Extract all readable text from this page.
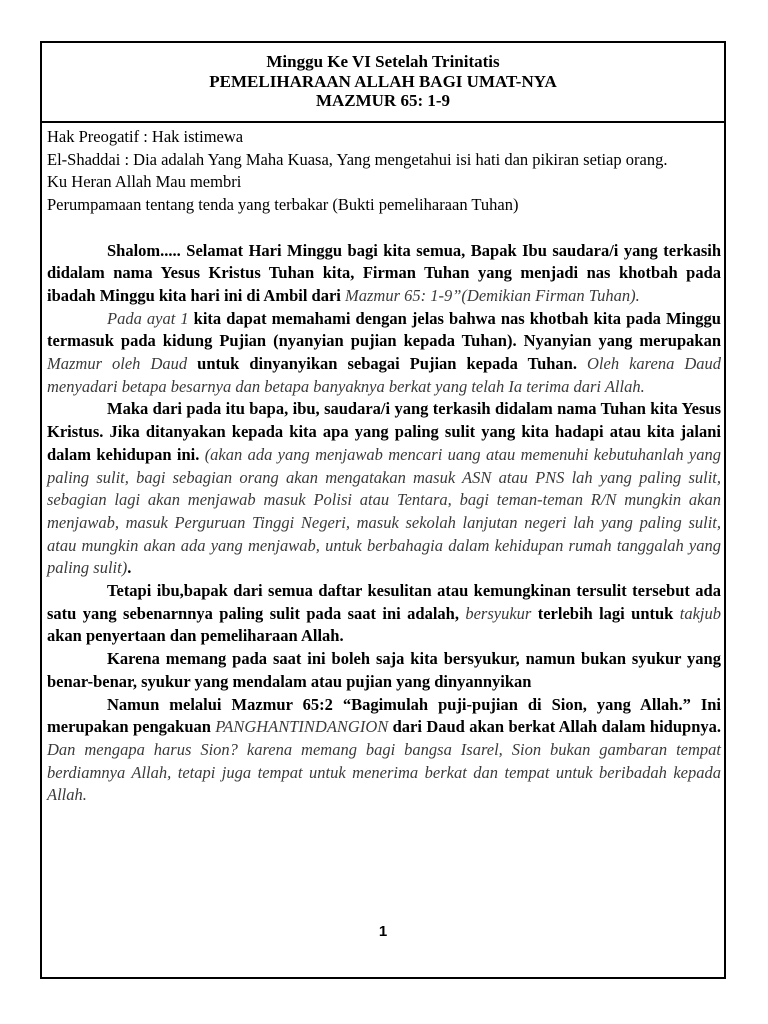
Minggu Ke VI Setelah Trinitatis
PEMELIHARAAN ALLAH BAGI UMAT-NYA
MAZMUR 65: 1-9

Hak Preogatif : Hak istimewa

El-Shaddai : Dia adalah Yang Maha Kuasa, Yang mengetahui isi hati dan pikiran setiap orang.

Ku Heran Allah Mau membri

Perumpamaan tentang tenda yang terbakar (Bukti pemeliharaan Tuhan)

Shalom..... Selamat Hari Minggu bagi kita semua, Bapak Ibu saudara/i yang terkasih didalam nama Yesus Kristus Tuhan kita, Firman Tuhan yang menjadi nas khotbah pada ibadah Minggu kita hari ini di Ambil dari Mazmur 65: 1-9”(Demikian Firman Tuhan).

Pada ayat 1 kita dapat memahami dengan jelas bahwa nas khotbah kita pada Minggu termasuk pada kidung Pujian (nyanyian pujian kepada Tuhan). Nyanyian yang merupakan Mazmur oleh Daud untuk dinyanyikan sebagai Pujian kepada Tuhan. Oleh karena Daud menyadari betapa besarnya dan betapa banyaknya berkat yang telah Ia terima dari Allah.

Maka dari pada itu bapa, ibu, saudara/i yang terkasih didalam nama Tuhan kita Yesus Kristus. Jika ditanyakan kepada kita apa yang paling sulit yang kita hadapi atau kita jalani dalam kehidupan ini. (akan ada yang menjawab mencari uang atau memenuhi kebutuhanlah yang paling sulit, bagi sebagian orang akan mengatakan masuk ASN atau PNS lah yang paling sulit, sebagian lagi akan menjawab masuk Polisi atau Tentara, bagi teman-teman R/N mungkin akan menjawab, masuk Perguruan Tinggi Negeri, masuk sekolah lanjutan negeri lah yang paling sulit, atau mungkin akan ada yang menjawab, untuk berbahagia dalam kehidupan rumah tanggalah yang paling sulit).

Tetapi ibu,bapak dari semua daftar kesulitan atau kemungkinan tersulit tersebut ada satu yang sebenarnnya paling sulit pada saat ini adalah, bersyukur terlebih lagi untuk takjub akan penyertaan dan pemeliharaan Allah.

Karena memang pada saat ini boleh saja kita bersyukur, namun bukan syukur yang benar-benar, syukur yang mendalam atau pujian yang dinyannyikan

Namun melalui Mazmur 65:2 “Bagimulah puji-pujian di Sion, yang Allah.” Ini merupakan pengakuan PANGHANTINDANGION dari Daud akan berkat Allah dalam hidupnya. Dan mengapa harus Sion? karena memang bagi bangsa Isarel, Sion bukan gambaran tempat berdiamnya Allah, tetapi juga tempat untuk menerima berkat dan tempat untuk beribadah kepada Allah.

1
